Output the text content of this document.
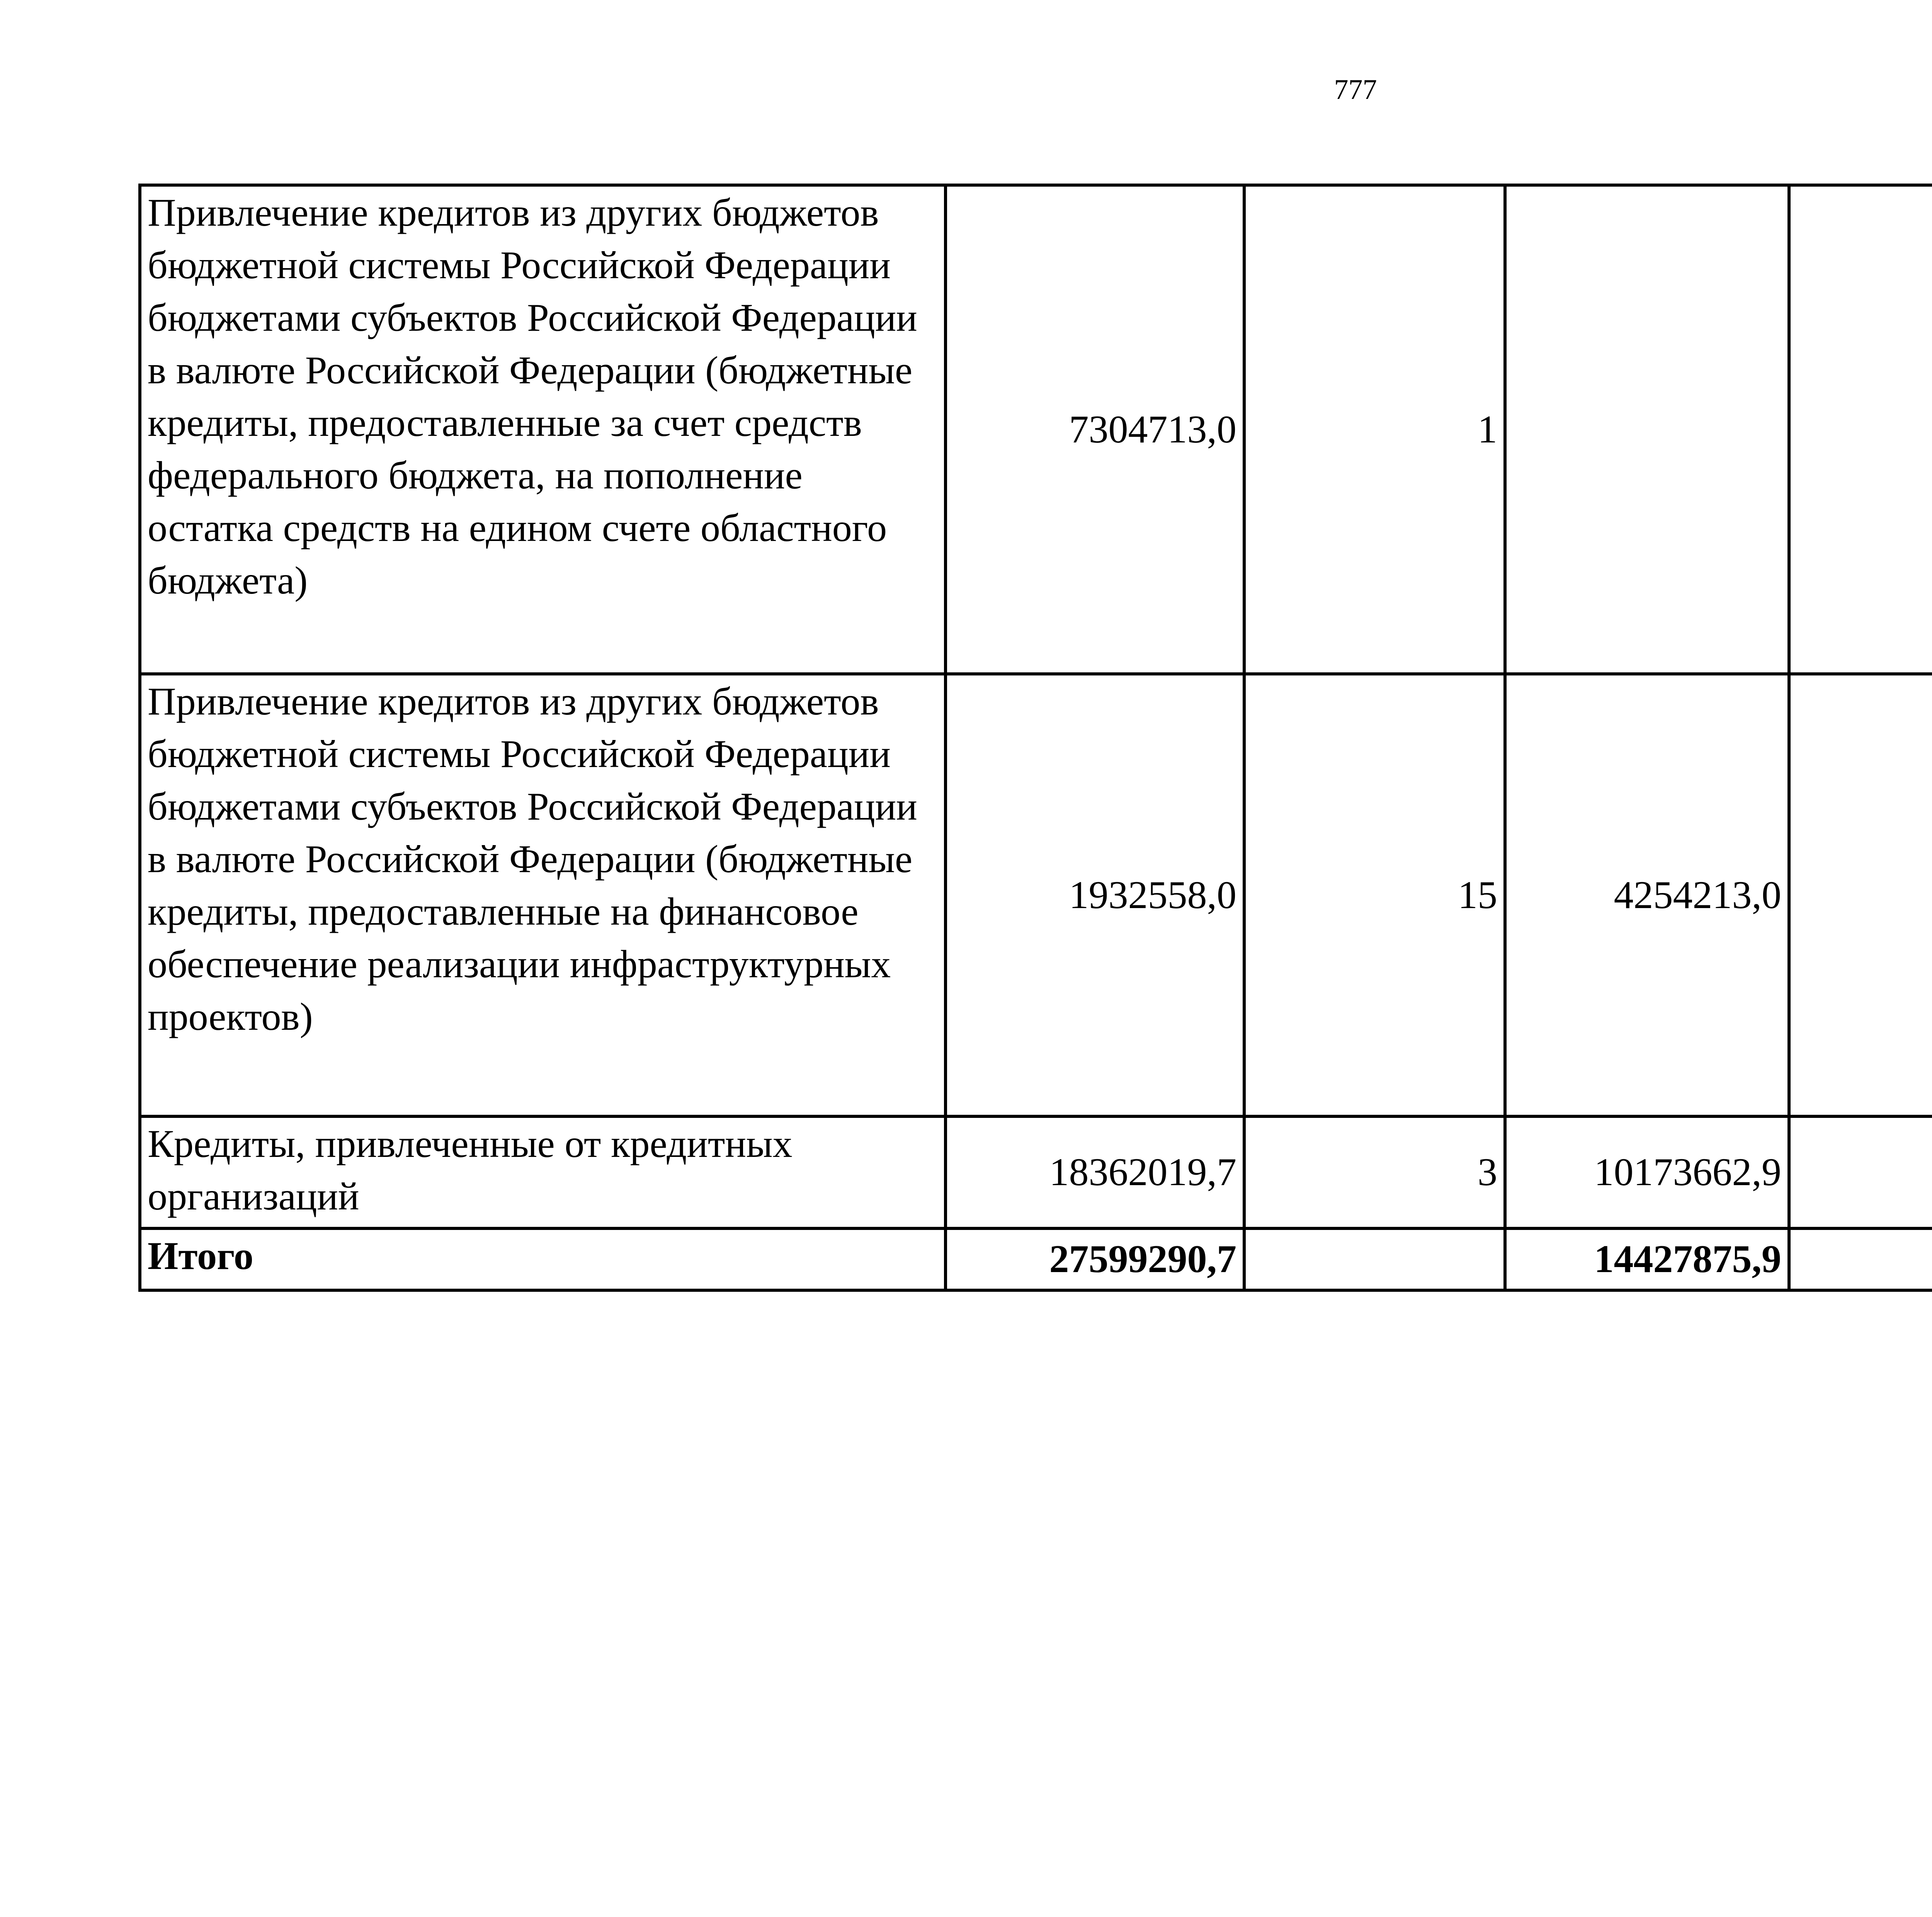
777
Привлечение кредитов из других бюджетов бюджетной системы Российской Федерации бюджетами субъектов Российской Федерации в валюте Российской Федерации (бюджетные кредиты, предоставленные за счет средств федерального бюджета, на пополнение остатка средств на едином счете областного бюджета)	7304713,0	1				
Привлечение кредитов из других бюджетов бюджетной системы Российской Федерации бюджетами субъектов Российской Федерации в валюте Российской Федерации (бюджетные кредиты, предоставленные на финансовое обеспечение реализации инфраструктурных проектов)	1932558,0	15	4254213,0			
Кредиты, привлеченные от кредитных организаций	18362019,7	3	10173662,9			
Итого	27599290,7		14427875,9			
